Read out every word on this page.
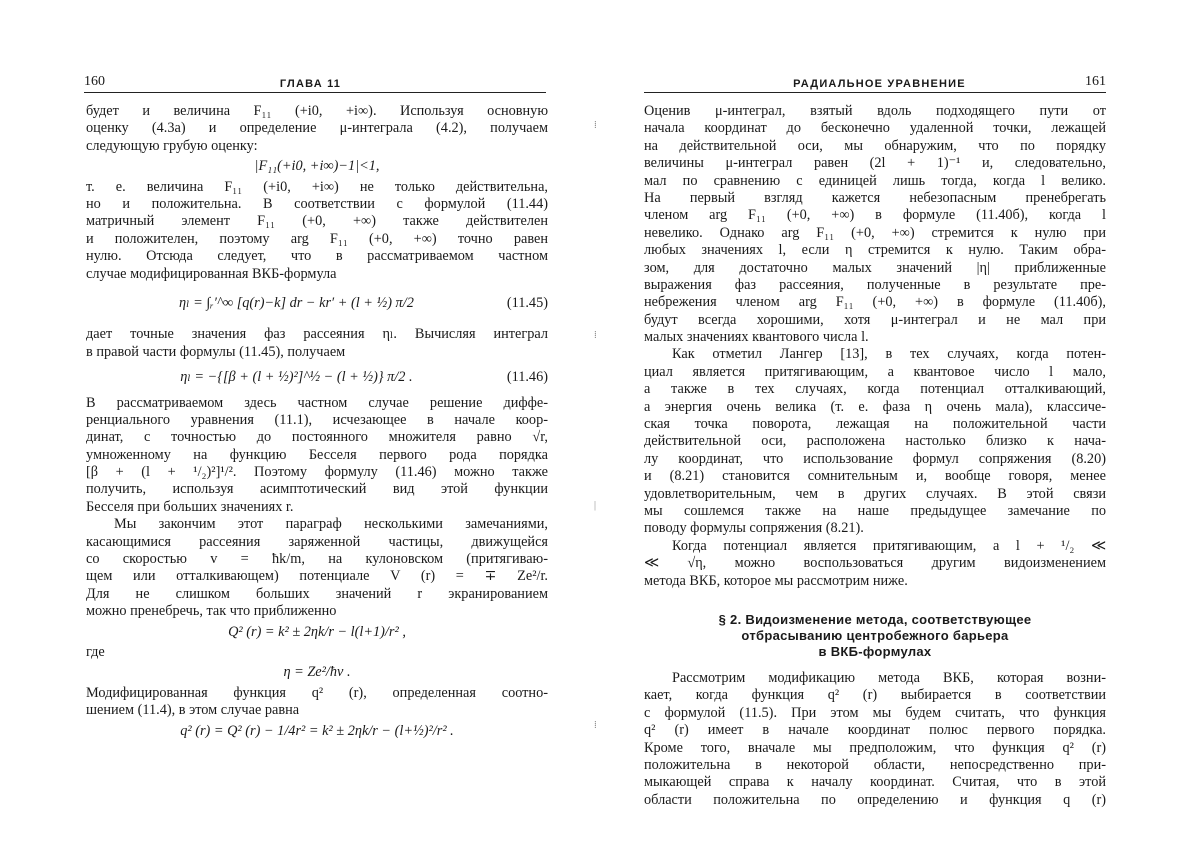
160	ГЛАВА 11
будет и величина F₁₁ (+i0, +i∞). Используя основную
оценку (4.3а) и определение μ-интеграла (4.2), получаем
следующую грубую оценку:
|F₁₁(+i0, +i∞)−1|<1,
т. е. величина F₁₁ (+i0, +i∞) не только действительна,
но и положительна. В соответствии с формулой (11.44)
матричный элемент F₁₁ (+0, +∞) также действителен
и положителен, поэтому arg F₁₁ (+0, +∞) точно равен
нулю. Отсюда следует, что в рассматриваемом частном
случае модифицированная ВКБ-формула
ηₗ = ∫ᵣ′^∞ [q(r)−k] dr − kr′ + (l + ½) π/2	(11.45)
дает точные значения фаз рассеяния ηₗ. Вычисляя интеграл
в правой части формулы (11.45), получаем
ηₗ = −{[β + (l + ½)²]^½ − (l + ½)} π/2 .	(11.46)
В рассматриваемом здесь частном случае решение диффе-
ренциального уравнения (11.1), исчезающее в начале коор-
динат, с точностью до постоянного множителя равно √r,
умноженному на функцию Бесселя первого рода порядка
[β + (l + ¹/₂)²]¹/². Поэтому формулу (11.46) можно также
получить, используя асимптотический вид этой функции
Бесселя при больших значениях r.
Мы закончим этот параграф несколькими замечаниями,
касающимися рассеяния заряженной частицы, движущейся
со скоростью v = ħk/m, на кулоновском (притягиваю-
щем или отталкивающем) потенциале V (r) = ∓ Ze²/r.
Для не слишком больших значений r экранированием
можно пренебречь, так что приближенно
Q² (r) = k² ± 2ηk/r − l(l+1)/r² ,
где
η = Ze²/ħv .
Модифицированная функция q² (r), определенная соотно-
шением (11.4), в этом случае равна
q² (r) = Q² (r) − 1/4r² = k² ± 2ηk/r − (l+½)²/r² .
⁞
⁞
|
⁞
РАДИАЛЬНОЕ УРАВНЕНИЕ	161
Оценив μ-интеграл, взятый вдоль подходящего пути от
начала координат до бесконечно удаленной точки, лежащей
на действительной оси, мы обнаружим, что по порядку
величины μ-интеграл равен (2l + 1)⁻¹ и, следовательно,
мал по сравнению с единицей лишь тогда, когда l велико.
На первый взгляд кажется небезопасным пренебрегать
членом arg F₁₁ (+0, +∞) в формуле (11.40б), когда l
невелико. Однако arg F₁₁ (+0, +∞) стремится к нулю при
любых значениях l, если η стремится к нулю. Таким обра-
зом, для достаточно малых значений |η| приближенные
выражения фаз рассеяния, полученные в результате пре-
небрежения членом arg F₁₁ (+0, +∞) в формуле (11.40б),
будут всегда хорошими, хотя μ-интеграл и не мал при
малых значениях квантового числа l.
Как отметил Лангер [13], в тех случаях, когда потен-
циал является притягивающим, а квантовое число l мало,
а также в тех случаях, когда потенциал отталкивающий,
а энергия очень велика (т. е. фаза η очень мала), классиче-
ская точка поворота, лежащая на положительной части
действительной оси, расположена настолько близко к нача-
лу координат, что использование формул сопряжения (8.20)
и (8.21) становится сомнительным и, вообще говоря, менее
удовлетворительным, чем в других случаях. В этой связи
мы сошлемся также на наше предыдущее замечание по
поводу формулы сопряжения (8.21).
Когда потенциал является притягивающим, а l + ¹/₂ ≪
≪ √η, можно воспользоваться другим видоизменением
метода ВКБ, которое мы рассмотрим ниже.
§ 2. Видоизменение метода, соответствующее
отбрасыванию центробежного барьера
в ВКБ-формулах
Рассмотрим модификацию метода ВКБ, которая возни-
кает, когда функция q² (r) выбирается в соответствии
с формулой (11.5). При этом мы будем считать, что функция
q² (r) имеет в начале координат полюс первого порядка.
Кроме того, вначале мы предположим, что функция q² (r)
положительна в некоторой области, непосредственно при-
мыкающей справа к началу координат. Считая, что в этой
области положительна по определению и функция q (r)
